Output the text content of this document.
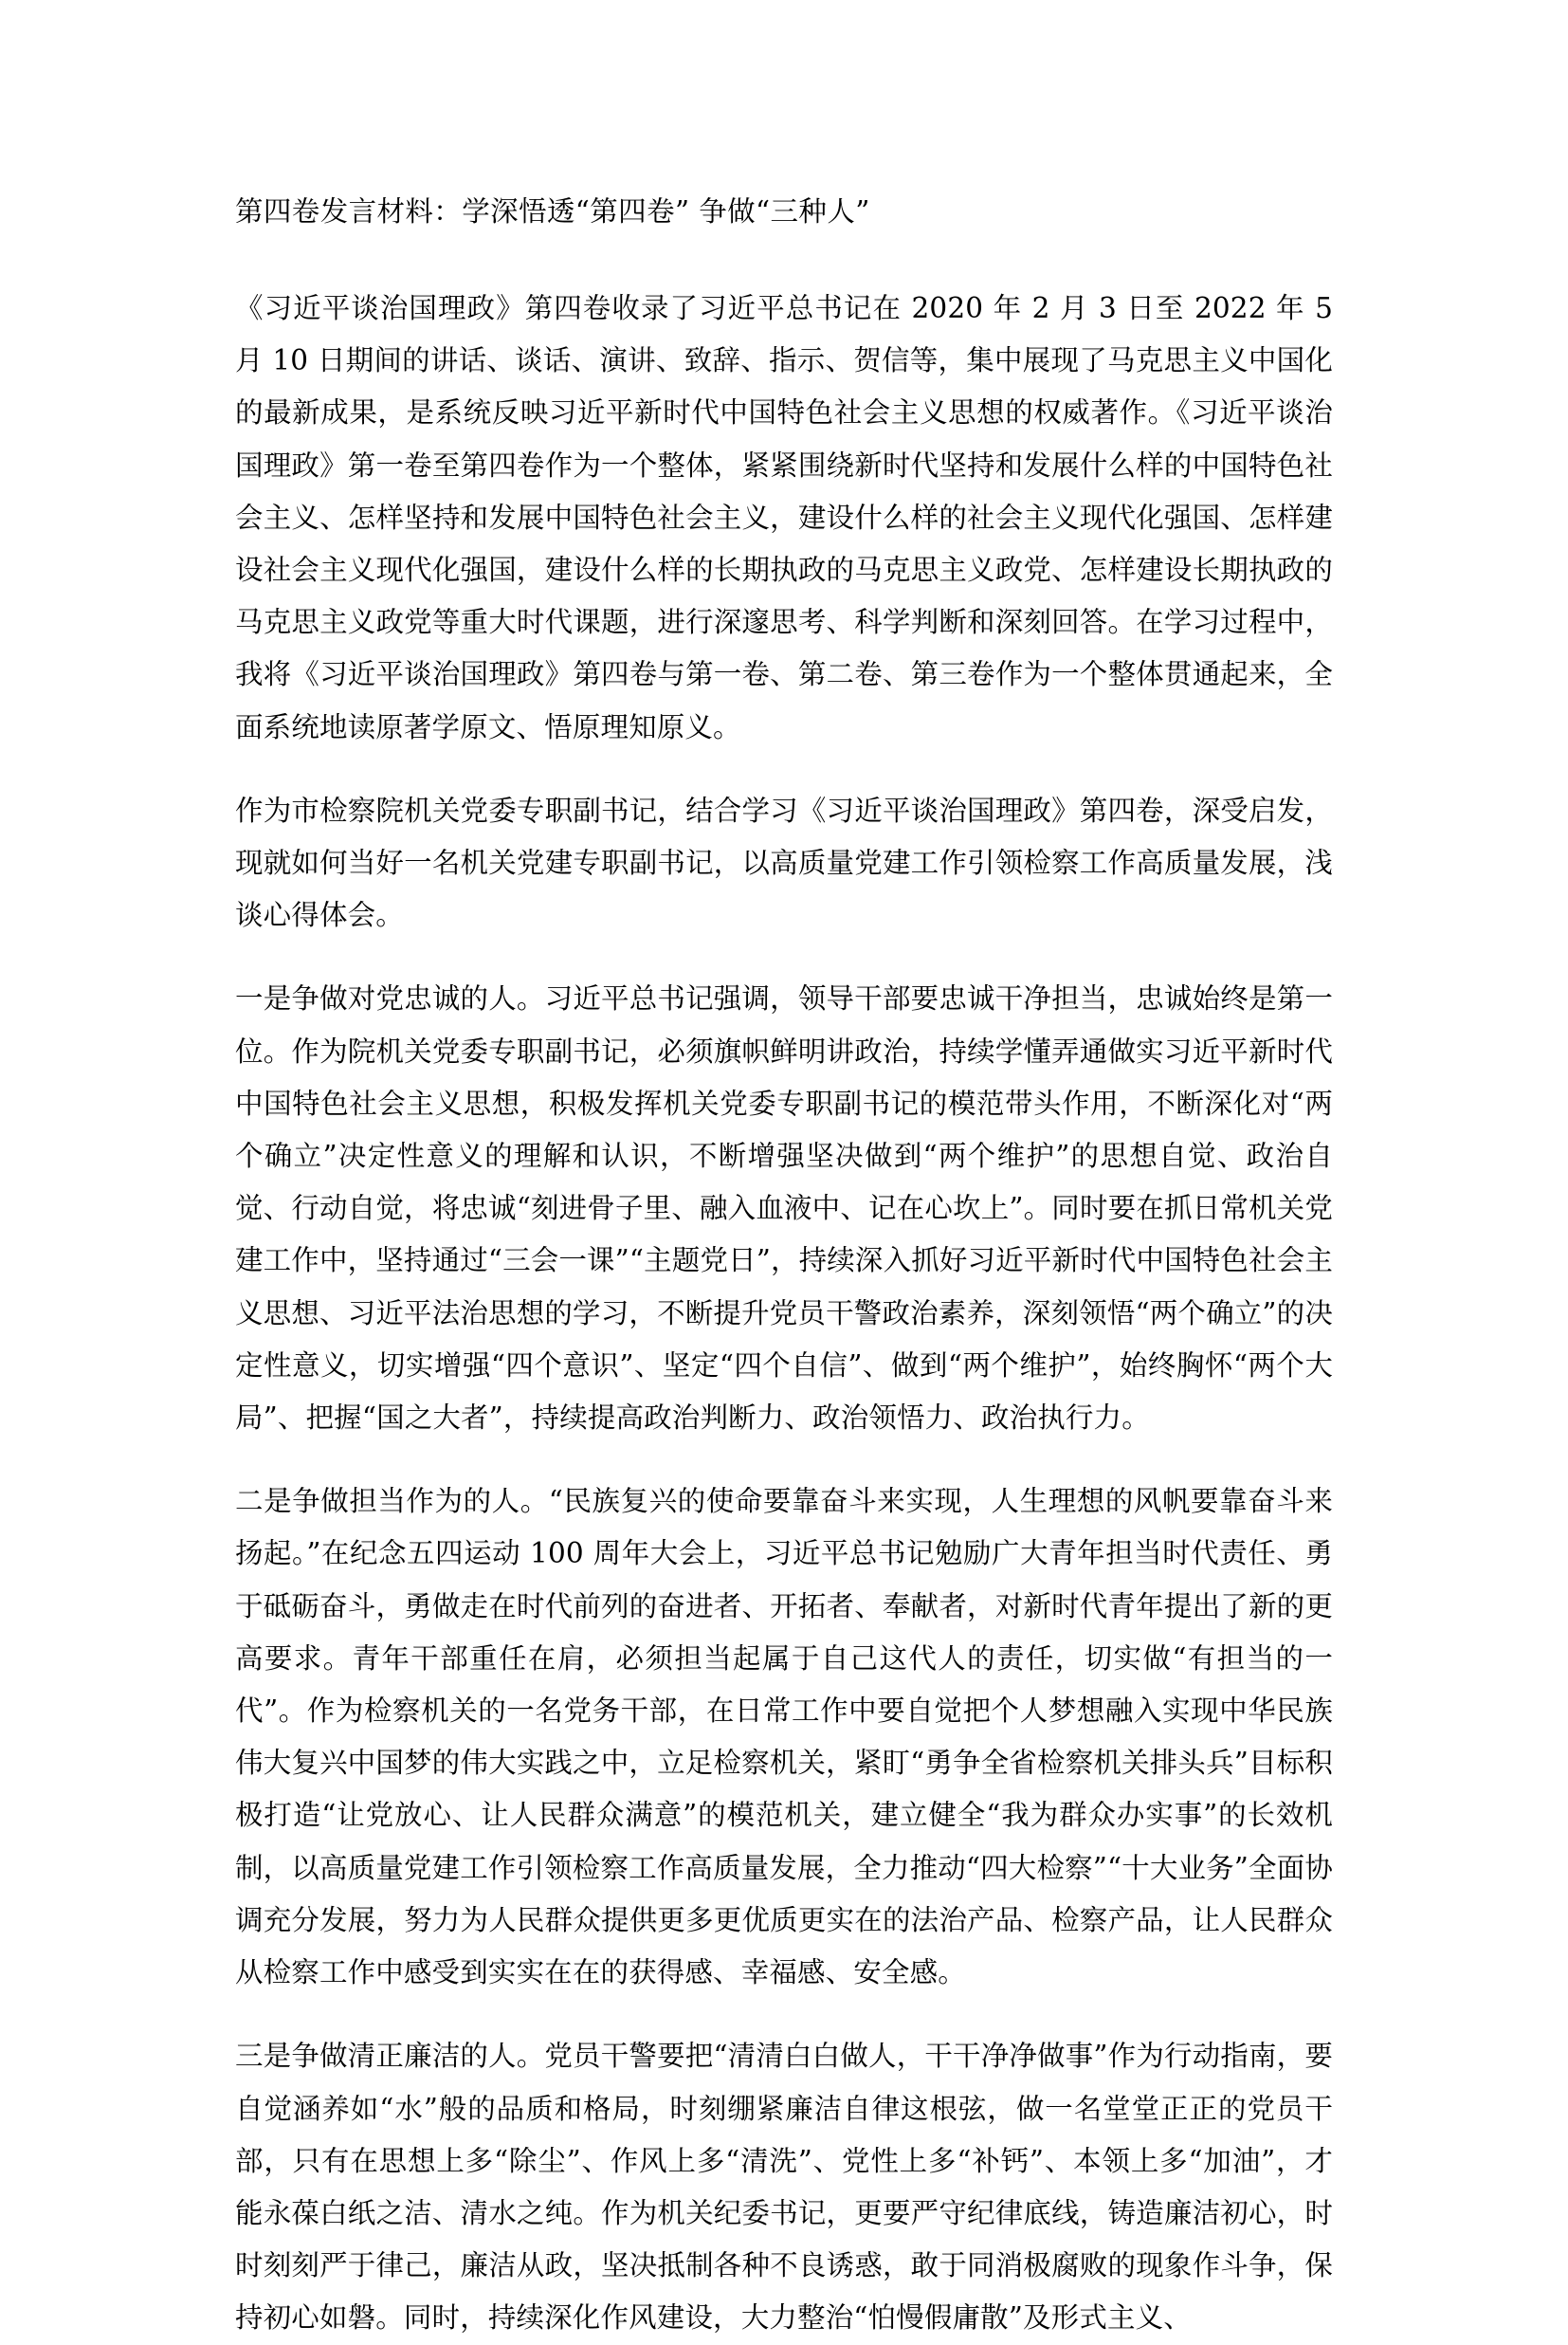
第四卷发言材料：学深悟透“第四卷” 争做“三种人”

《习近平谈治国理政》第四卷收录了习近平总书记在 2020 年 2 月 3 日至 2022 年 5 月 10 日期间的讲话、谈话、演讲、致辞、指示、贺信等，集中展现了马克思主义中国化的最新成果，是系统反映习近平新时代中国特色社会主义思想的权威著作。《习近平谈治国理政》第一卷至第四卷作为一个整体，紧紧围绕新时代坚持和发展什么样的中国特色社会主义、怎样坚持和发展中国特色社会主义，建设什么样的社会主义现代化强国、怎样建设社会主义现代化强国，建设什么样的长期执政的马克思主义政党、怎样建设长期执政的马克思主义政党等重大时代课题，进行深邃思考、科学判断和深刻回答。在学习过程中，我将《习近平谈治国理政》第四卷与第一卷、第二卷、第三卷作为一个整体贯通起来，全面系统地读原著学原文、悟原理知原义。

作为市检察院机关党委专职副书记，结合学习《习近平谈治国理政》第四卷，深受启发，现就如何当好一名机关党建专职副书记，以高质量党建工作引领检察工作高质量发展，浅谈心得体会。

一是争做对党忠诚的人。习近平总书记强调，领导干部要忠诚干净担当，忠诚始终是第一位。作为院机关党委专职副书记，必须旗帜鲜明讲政治，持续学懂弄通做实习近平新时代中国特色社会主义思想，积极发挥机关党委专职副书记的模范带头作用，不断深化对“两个确立”决定性意义的理解和认识，不断增强坚决做到“两个维护”的思想自觉、政治自觉、行动自觉，将忠诚“刻进骨子里、融入血液中、记在心坎上”。同时要在抓日常机关党建工作中，坚持通过“三会一课”“主题党日”，持续深入抓好习近平新时代中国特色社会主义思想、习近平法治思想的学习，不断提升党员干警政治素养，深刻领悟“两个确立”的决定性意义，切实增强“四个意识”、坚定“四个自信”、做到“两个维护”，始终胸怀“两个大局”、把握“国之大者”，持续提高政治判断力、政治领悟力、政治执行力。

二是争做担当作为的人。“民族复兴的使命要靠奋斗来实现，人生理想的风帆要靠奋斗来扬起。”在纪念五四运动 100 周年大会上，习近平总书记勉励广大青年担当时代责任、勇于砥砺奋斗，勇做走在时代前列的奋进者、开拓者、奉献者，对新时代青年提出了新的更高要求。青年干部重任在肩，必须担当起属于自己这代人的责任，切实做“有担当的一代”。作为检察机关的一名党务干部，在日常工作中要自觉把个人梦想融入实现中华民族伟大复兴中国梦的伟大实践之中，立足检察机关，紧盯“勇争全省检察机关排头兵”目标积极打造“让党放心、让人民群众满意”的模范机关，建立健全“我为群众办实事”的长效机制，以高质量党建工作引领检察工作高质量发展，全力推动“四大检察”“十大业务”全面协调充分发展，努力为人民群众提供更多更优质更实在的法治产品、检察产品，让人民群众从检察工作中感受到实实在在的获得感、幸福感、安全感。

三是争做清正廉洁的人。党员干警要把“清清白白做人，干干净净做事”作为行动指南，要自觉涵养如“水”般的品质和格局，时刻绷紧廉洁自律这根弦，做一名堂堂正正的党员干部，只有在思想上多“除尘”、作风上多“清洗”、党性上多“补钙”、本领上多“加油”，才能永葆白纸之洁、清水之纯。作为机关纪委书记，更要严守纪律底线，铸造廉洁初心，时时刻刻严于律己，廉洁从政，坚决抵制各种不良诱惑，敢于同消极腐败的现象作斗争，保持初心如磐。同时，持续深化作风建设，大力整治“怕慢假庸散”及形式主义、
